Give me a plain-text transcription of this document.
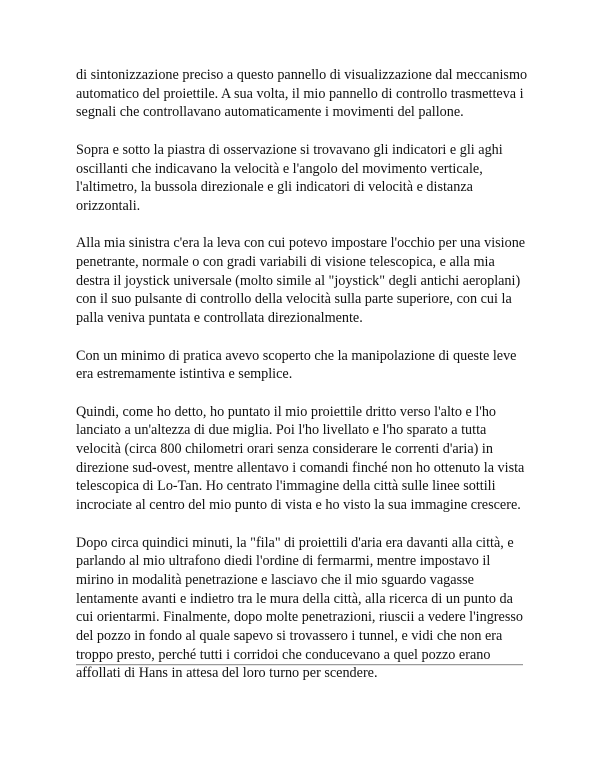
di sintonizzazione preciso a questo pannello di visualizzazione dal meccanismo automatico del proiettile. A sua volta, il mio pannello di controllo trasmetteva i segnali che controllavano automaticamente i movimenti del pallone.

Sopra e sotto la piastra di osservazione si trovavano gli indicatori e gli aghi oscillanti che indicavano la velocità e l'angolo del movimento verticale, l'altimetro, la bussola direzionale e gli indicatori di velocità e distanza orizzontali.

Alla mia sinistra c'era la leva con cui potevo impostare l'occhio per una visione penetrante, normale o con gradi variabili di visione telescopica, e alla mia destra il joystick universale (molto simile al "joystick" degli antichi aeroplani) con il suo pulsante di controllo della velocità sulla parte superiore, con cui la palla veniva puntata e controllata direzionalmente.

Con un minimo di pratica avevo scoperto che la manipolazione di queste leve era estremamente istintiva e semplice.

Quindi, come ho detto, ho puntato il mio proiettile dritto verso l'alto e l'ho lanciato a un'altezza di due miglia. Poi l'ho livellato e l'ho sparato a tutta velocità (circa 800 chilometri orari senza considerare le correnti d'aria) in direzione sud-ovest, mentre allentavo i comandi finché non ho ottenuto la vista telescopica di Lo-Tan. Ho centrato l'immagine della città sulle linee sottili incrociate al centro del mio punto di vista e ho visto la sua immagine crescere.

Dopo circa quindici minuti, la "fila" di proiettili d'aria era davanti alla città, e parlando al mio ultrafono diedi l'ordine di fermarmi, mentre impostavo il mirino in modalità penetrazione e lasciavo che il mio sguardo vagasse lentamente avanti e indietro tra le mura della città, alla ricerca di un punto da cui orientarmi. Finalmente, dopo molte penetrazioni, riuscii a vedere l'ingresso del pozzo in fondo al quale sapevo si trovassero i tunnel, e vidi che non era troppo presto, perché tutti i corridoi che conducevano a quel pozzo erano affollati di Hans in attesa del loro turno per scendere.
